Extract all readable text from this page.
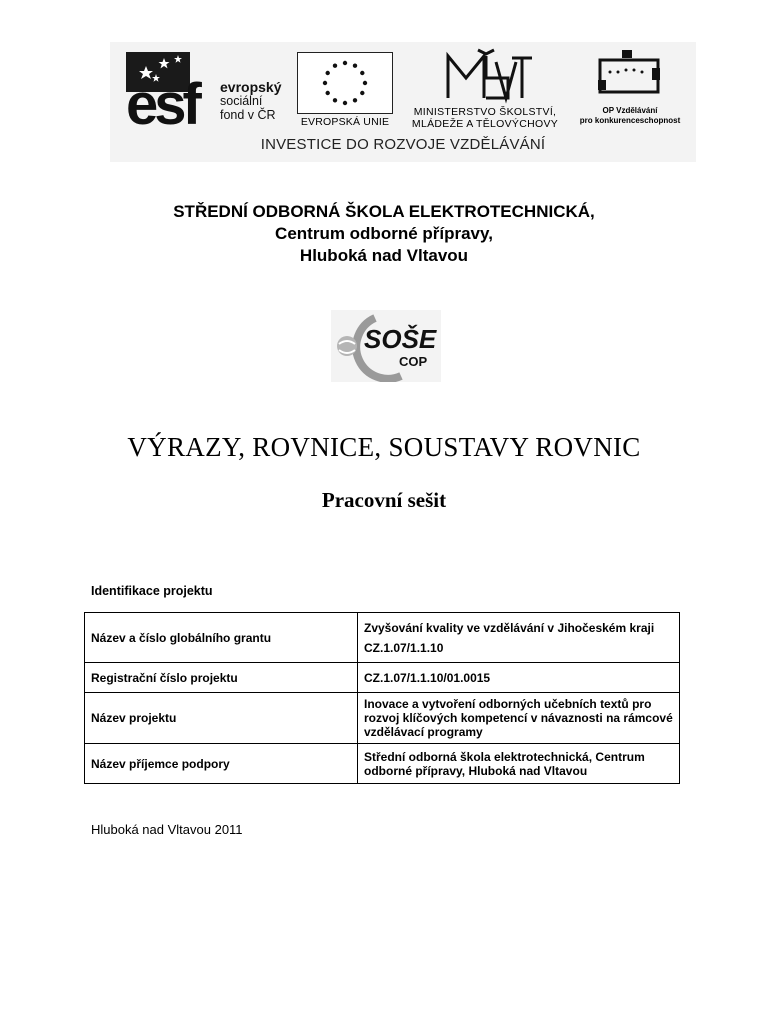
esf evropský
sociální
fond v ČR	EVROPSKÁ UNIE
MINISTERSTVO ŠKOLSTVÍ,
MLÁDEŽE A TĚLOVÝCHOVY
OP Vzdělávání
pro konkurenceschopnost
INVESTICE DO ROZVOJE VZDĚLÁVÁNÍ
STŘEDNÍ ODBORNÁ ŠKOLA ELEKTROTECHNICKÁ,
Centrum odborné přípravy,
Hluboká nad Vltavou
SOŠE
COP
VÝRAZY, ROVNICE, SOUSTAVY ROVNIC
Pracovní sešit
Identifikace projektu
Název a číslo globálního grantu	Zvyšování kvality ve vzdělávání v Jihočeském kraji
CZ.1.07/1.1.10

Registrační číslo projektu	CZ.1.07/1.1.10/01.0015
Název projektu	Inovace a vytvoření odborných učebních textů pro rozvoj klíčových kompetencí v návaznosti na rámcové vzdělávací programy
Název příjemce podpory	Střední odborná škola elektrotechnická, Centrum odborné přípravy, Hluboká nad Vltavou
Hluboká nad Vltavou 2011
